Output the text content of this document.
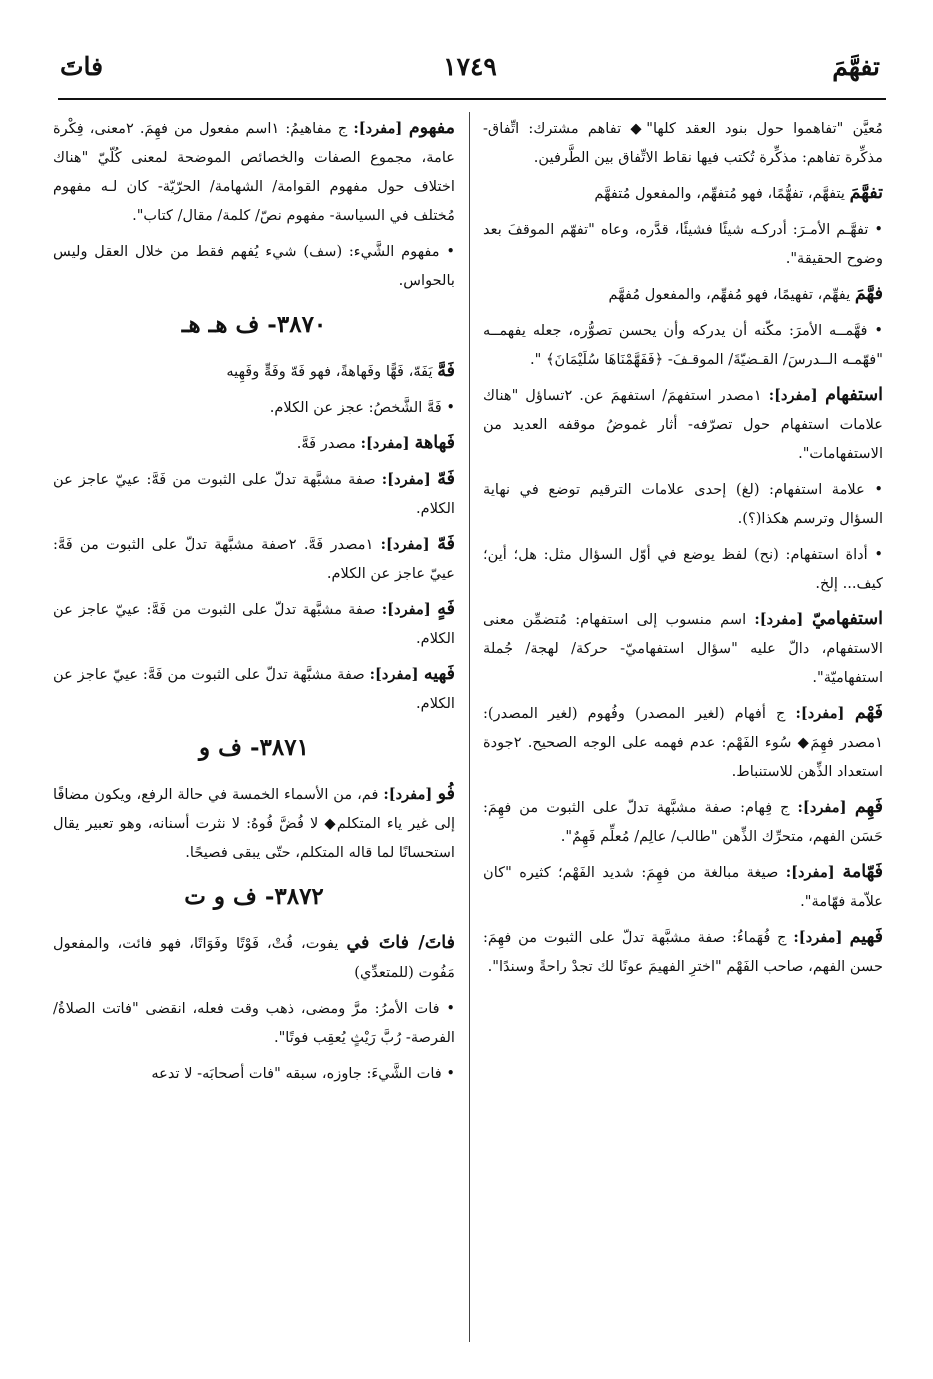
تفهَّمَ
١٧٤٩
فاتَ
مُعيَّن "تفاهموا حول بنود العقد كلها"◆ تفاهم مشترك: اتِّفاق- مذكِّرة تفاهم: مذكِّرة تُكتب فيها نقاط الاتِّفاق بين الطَّرفين.
تفهَّمَ يتفهَّم، تفهُّمًا، فهو مُتفهِّم، والمفعول مُتفهَّم
• تفهَّـم الأمـرَ: أدركـه شيئًا فشيئًا، قدَّره، وعاه "تفهّم الموقفَ بعد وضوح الحقيقة".
فهَّمَ يفهِّم، تفهيمًا، فهو مُفهِّم، والمفعول مُفهَّم
• فهَّمــه الأمرَ: مكّنه أن يدركه وأن يحسن تصوُّره، جعله يفهمــه "فهّمـه الــدرسَ/ القـضيّةَ/ الموقـفَ- ﴿فَفَهَّمْنَاهَا سُلَيْمَانَ﴾ ".
استفهام [مفرد]: ١مصدر استفهمَ/ استفهمَ عن. ٢تساؤل "هناك علامات استفهام حول تصرّفه- أثار غموضُ موقفه العديد من الاستفهامات".
• علامة استفهام: (لغ) إحدى علامات الترقيم توضع في نهاية السؤال وترسم هكذا(؟).
• أداة استفهام: (نح) لفظ يوضع في أوّل السؤال مثل: هل؛ أين؛ كيف... إلخ.
استفهاميّ [مفرد]: اسم منسوب إلى استفهام: مُتضمِّن معنى الاستفهام، دالّ عليه "سؤال استفهاميّ- حركة/ لهجة/ جُملة استفهاميّة".
فَهْم [مفرد]: ج أفهام (لغير المصدر) وفُهوم (لغير المصدر): ١مصدر فهِمَ◆ سُوء الفَهْم: عدم فهمه على الوجه الصحيح. ٢جودة استعداد الذِّهن للاستنباط.
فَهِم [مفرد]: ج فِهام: صفة مشبَّهة تدلّ على الثبوت من فهِمَ: حَسَن الفهم، متحرِّك الذِّهن "طالب/ عالِم/ مُعلِّم فَهِمٌ".
فَهّامة [مفرد]: صيغة مبالغة من فهِمَ: شديد الفَهْم؛ كثيره "كان علاّمة فهّامة".
فَهيم [مفرد]: ج فُهَماءُ: صفة مشبَّهة تدلّ على الثبوت من فهِمَ: حسن الفهم، صاحب الفَهْم "اخترِ الفهيمَ عونًا لك تجدْ راحةً وسندًا".
مفهوم [مفرد]: ج مفاهيمُ: ١اسم مفعول من فهِمَ. ٢معنى، فِكْرة عامة، مجموع الصفات والخصائص الموضحة لمعنى كُلّيّ "هناك اختلاف حول مفهوم القوامة/ الشهامة/ الحرّيّة- كان لـه مفهوم مُختلف في السياسة- مفهوم نصّ/ كلمة/ مقال/ كتاب".
• مفهوم الشَّيء: (سف) شيء يُفهم فقط من خلال العقل وليس بالحواس.
٣٨٧٠- ف هـ هـ
فَهَّ يَفَهّ، فَهًّا وفَهاهةً، فهو فَهّ وفَهٍّ وفَهِيه
• فَهَّ الشَّخصُ: عجز عن الكلام.
فَهاهة [مفرد]: مصدر فَهَّ.
فَهّ [مفرد]: صفة مشبَّهة تدلّ على الثبوت من فَهَّ: عييّ عاجز عن الكلام.
فَهّ [مفرد]: ١مصدر فَهَّ. ٢صفة مشبَّهة تدلّ على الثبوت من فَهَّ: عييّ عاجز عن الكلام.
فَهٍ [مفرد]: صفة مشبَّهة تدلّ على الثبوت من فَهَّ: عييّ عاجز عن الكلام.
فَهيه [مفرد]: صفة مشبَّهة تدلّ على الثبوت من فَهَّ: عييّ عاجز عن الكلام.
٣٨٧١- ف و
فُو [مفرد]: فم، من الأسماء الخمسة في حالة الرفع، ويكون مضافًا إلى غير ياء المتكلم◆ لا فُضَّ فُوهُ: لا نثرت أسنانه، وهو تعبير يقال استحسانًا لما قاله المتكلم، حتّى يبقى فصيحًا.
٣٨٧٢- ف و ت
فاتَ/ فاتَ في يفوت، فُتْ، فَوْتًا وفَوَاتًا، فهو فائت، والمفعول مَفُوت (للمتعدِّي)
• فات الأمرُ: مرَّ ومضى، ذهب وقت فعله، انقضى "فاتت الصلاةُ/ الفرصة- رُبَّ رَيْثٍ يُعقِب فوتًا".
• فات الشَّيءَ: جاوزه، سبقه "فات أصحابَه- لا تدعه
